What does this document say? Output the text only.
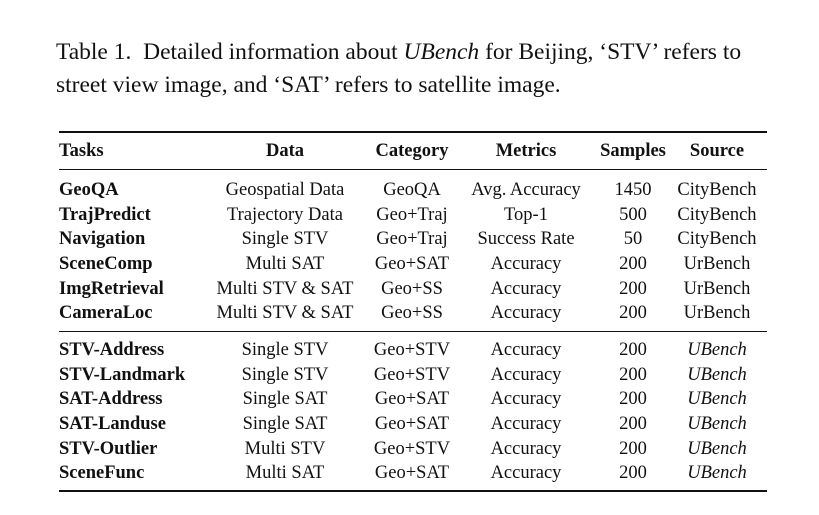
Table 1.  Detailed information about UBench for Beijing, ‘STV’ refers to street view image, and ‘SAT’ refers to satellite image.

Tasks	Data	Category	Metrics	Samples	Source
GeoQA	Geospatial Data	GeoQA	Avg. Accuracy	1450	CityBench
TrajPredict	Trajectory Data	Geo+Traj	Top-1	500	CityBench
Navigation	Single STV	Geo+Traj	Success Rate	50	CityBench
SceneComp	Multi SAT	Geo+SAT	Accuracy	200	UrBench
ImgRetrieval	Multi STV & SAT	Geo+SS	Accuracy	200	UrBench
CameraLoc	Multi STV & SAT	Geo+SS	Accuracy	200	UrBench
STV-Address	Single STV	Geo+STV	Accuracy	200	UBench
STV-Landmark	Single STV	Geo+STV	Accuracy	200	UBench
SAT-Address	Single SAT	Geo+SAT	Accuracy	200	UBench
SAT-Landuse	Single SAT	Geo+SAT	Accuracy	200	UBench
STV-Outlier	Multi STV	Geo+STV	Accuracy	200	UBench
SceneFunc	Multi SAT	Geo+SAT	Accuracy	200	UBench
